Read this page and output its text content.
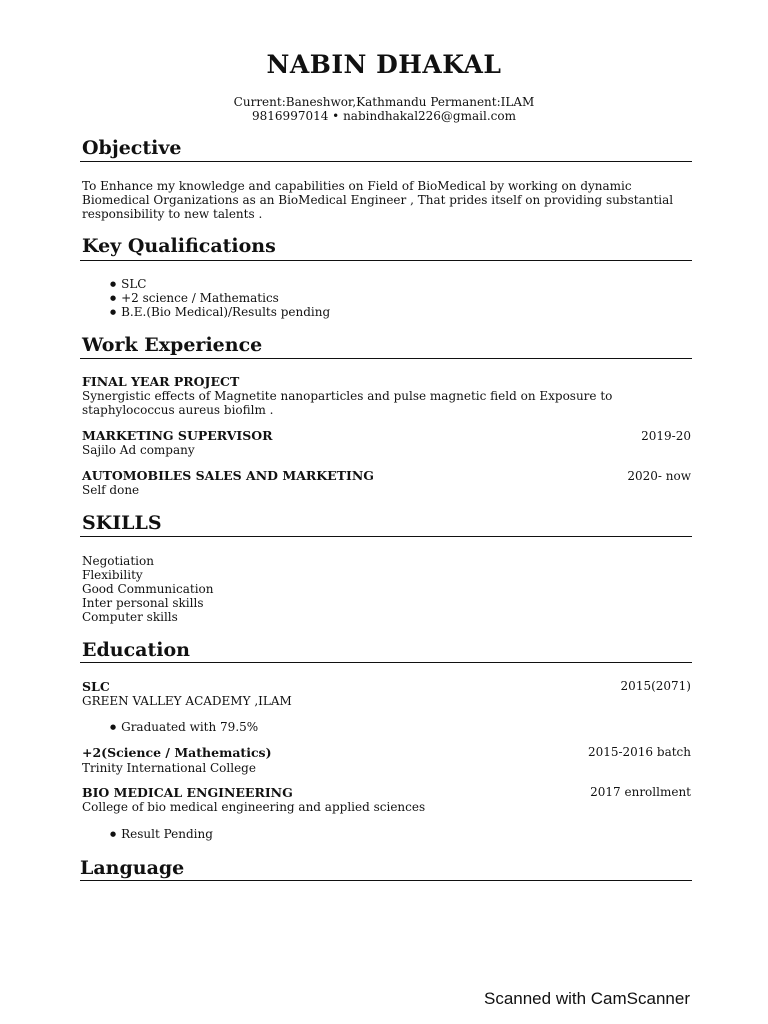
NABIN DHAKAL
Current:Baneshwor,Kathmandu Permanent:ILAM
9816997014 • nabindhakal226@gmail.com
Objective
To Enhance my knowledge and capabilities on Field of BioMedical by working on dynamic Biomedical Organizations as an BioMedical Engineer , That prides itself on providing substantial responsibility to new talents .
Key Qualifications
● SLC
● +2 science / Mathematics
● B.E.(Bio Medical)/Results pending
Work Experience
FINAL YEAR PROJECT
Synergistic effects of Magnetite nanoparticles and pulse magnetic field on Exposure to staphylococcus aureus biofilm .
MARKETING SUPERVISOR	2019-20
Sajilo Ad company
AUTOMOBILES SALES AND MARKETING	2020- now
Self done
SKILLS
Negotiation
Flexibility
Good Communication
Inter personal skills
Computer skills
Education
SLC	2015(2071)
GREEN VALLEY ACADEMY ,ILAM
● Graduated with 79.5%
+2(Science / Mathematics)	2015-2016 batch
Trinity International College
BIO MEDICAL ENGINEERING	2017 enrollment
College of bio medical engineering and applied sciences
● Result Pending
Language
Scanned with CamScanner
